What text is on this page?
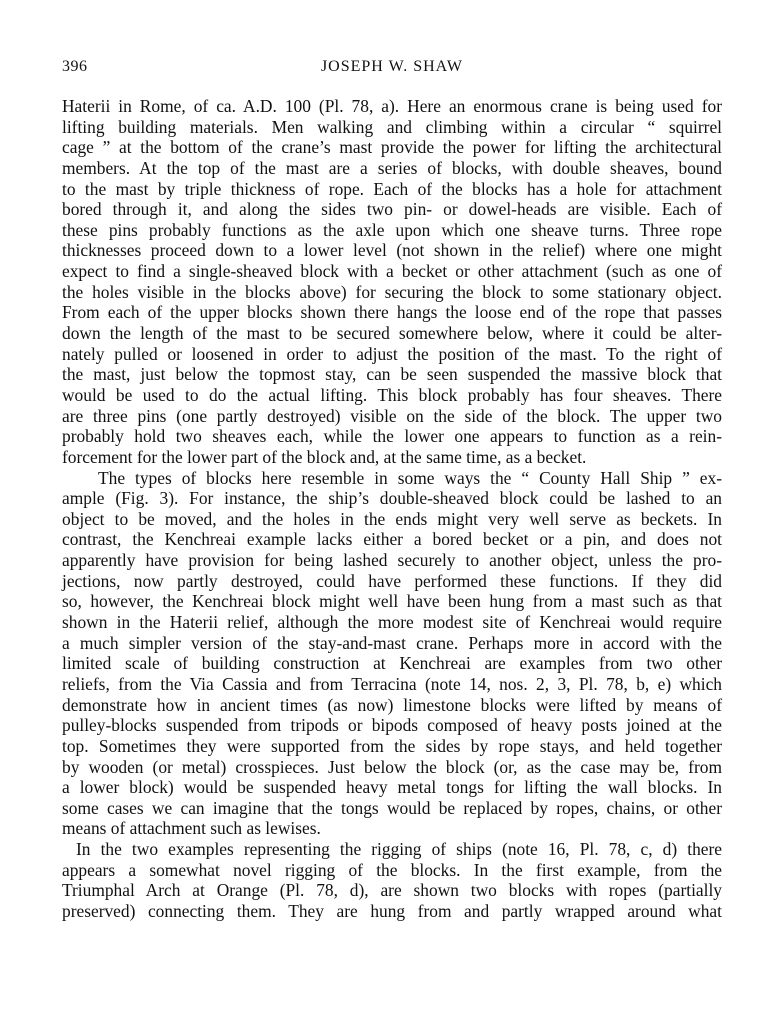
396	JOSEPH W. SHAW
Haterii in Rome, of ca. A.D. 100 (Pl. 78, a). Here an enormous crane is being used for
lifting building materials. Men walking and climbing within a circular “ squirrel
cage ” at the bottom of the crane’s mast provide the power for lifting the architectural
members. At the top of the mast are a series of blocks, with double sheaves, bound
to the mast by triple thickness of rope. Each of the blocks has a hole for attachment
bored through it, and along the sides two pin- or dowel-heads are visible. Each of
these pins probably functions as the axle upon which one sheave turns. Three rope
thicknesses proceed down to a lower level (not shown in the relief) where one might
expect to find a single-sheaved block with a becket or other attachment (such as one of
the holes visible in the blocks above) for securing the block to some stationary object.
From each of the upper blocks shown there hangs the loose end of the rope that passes
down the length of the mast to be secured somewhere below, where it could be alter-
nately pulled or loosened in order to adjust the position of the mast. To the right of
the mast, just below the topmost stay, can be seen suspended the massive block that
would be used to do the actual lifting. This block probably has four sheaves. There
are three pins (one partly destroyed) visible on the side of the block. The upper two
probably hold two sheaves each, while the lower one appears to function as a rein-
forcement for the lower part of the block and, at the same time, as a becket.
The types of blocks here resemble in some ways the “ County Hall Ship ” ex-
ample (Fig. 3). For instance, the ship’s double-sheaved block could be lashed to an
object to be moved, and the holes in the ends might very well serve as beckets. In
contrast, the Kenchreai example lacks either a bored becket or a pin, and does not
apparently have provision for being lashed securely to another object, unless the pro-
jections, now partly destroyed, could have performed these functions. If they did
so, however, the Kenchreai block might well have been hung from a mast such as that
shown in the Haterii relief, although the more modest site of Kenchreai would require
a much simpler version of the stay-and-mast crane. Perhaps more in accord with the
limited scale of building construction at Kenchreai are examples from two other
reliefs, from the Via Cassia and from Terracina (note 14, nos. 2, 3, Pl. 78, b, e) which
demonstrate how in ancient times (as now) limestone blocks were lifted by means of
pulley-blocks suspended from tripods or bipods composed of heavy posts joined at the
top. Sometimes they were supported from the sides by rope stays, and held together
by wooden (or metal) crosspieces. Just below the block (or, as the case may be, from
a lower block) would be suspended heavy metal tongs for lifting the wall blocks. In
some cases we can imagine that the tongs would be replaced by ropes, chains, or other
means of attachment such as lewises.
In the two examples representing the rigging of ships (note 16, Pl. 78, c, d) there
appears a somewhat novel rigging of the blocks. In the first example, from the
Triumphal Arch at Orange (Pl. 78, d), are shown two blocks with ropes (partially
preserved) connecting them. They are hung from and partly wrapped around what
